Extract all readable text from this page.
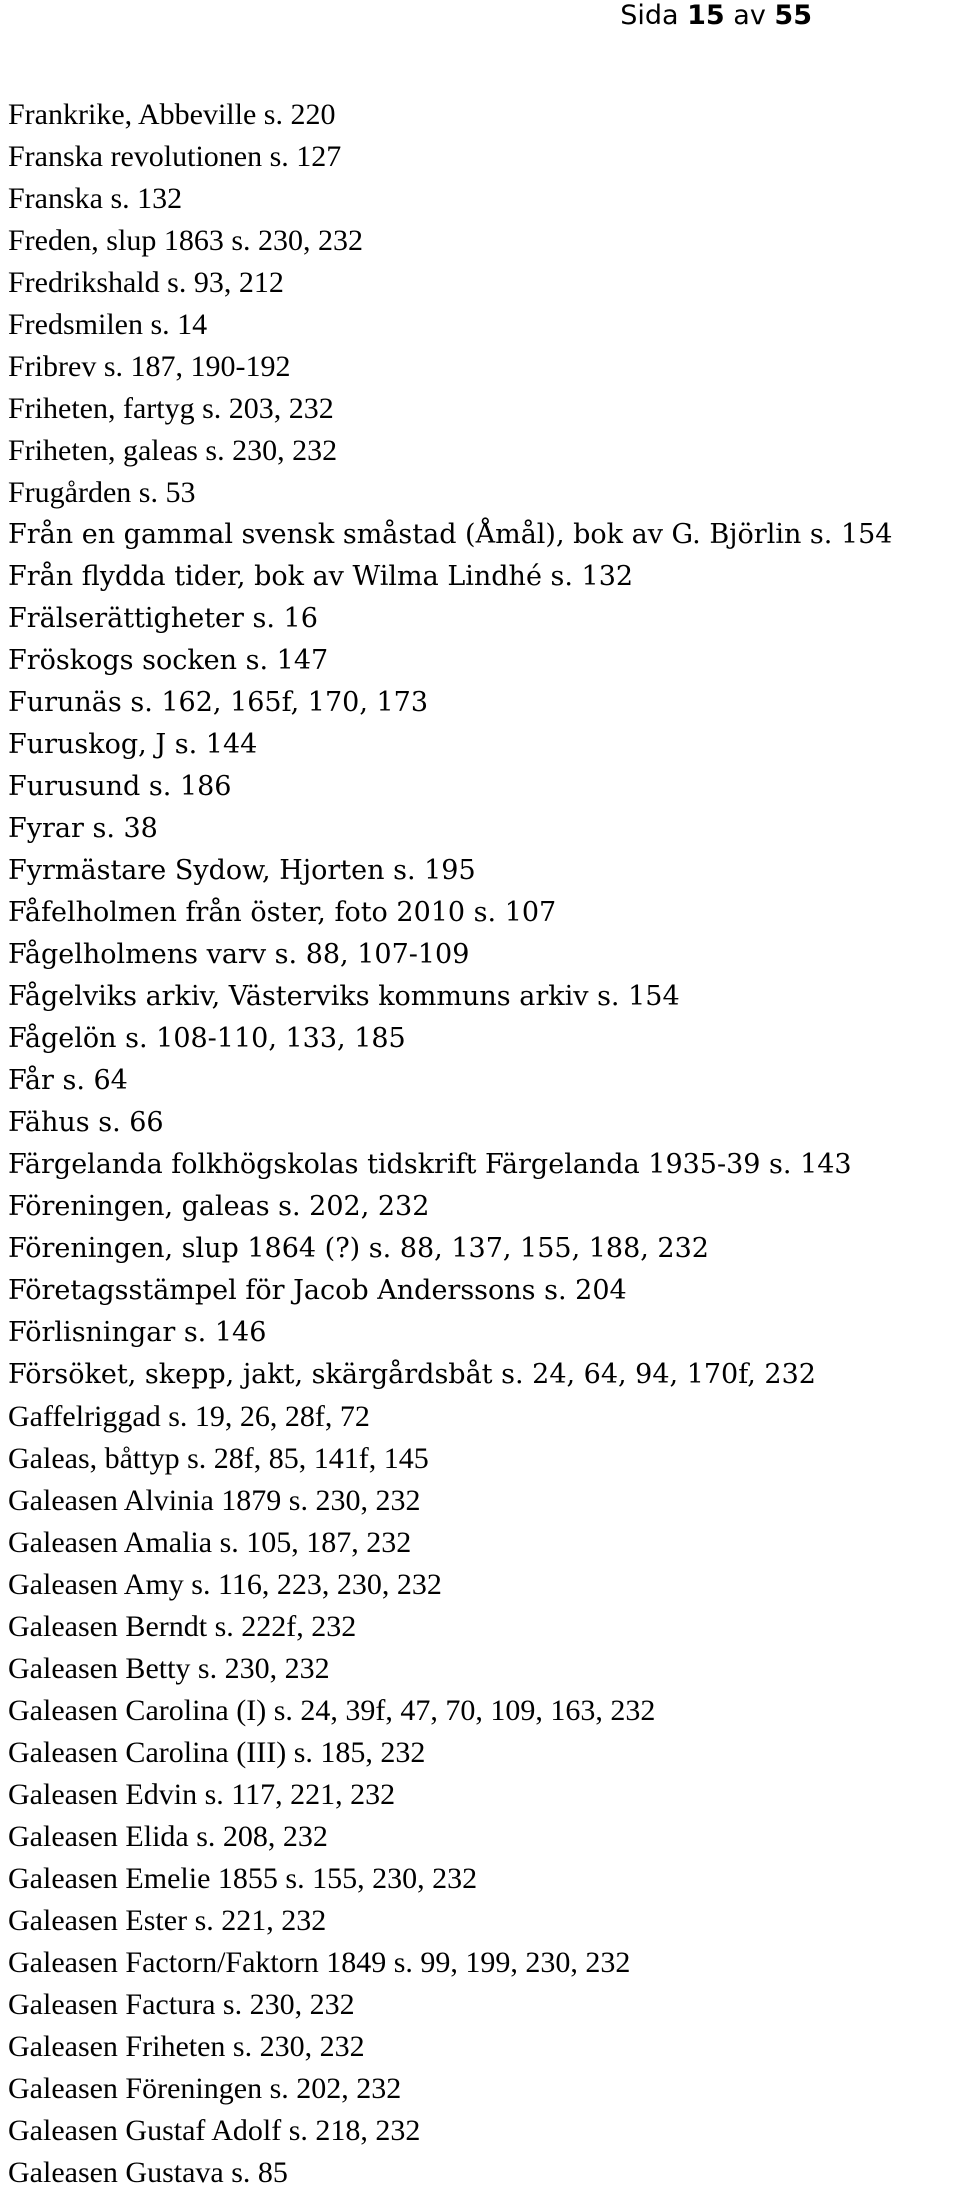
Sida 15 av 55
Frankrike, Abbeville s. 220
Franska revolutionen s. 127
Franska s. 132
Freden, slup 1863 s. 230, 232
Fredrikshald s. 93, 212
Fredsmilen s. 14
Fribrev s. 187, 190-192
Friheten, fartyg s. 203, 232
Friheten, galeas s. 230, 232
Frugården s. 53
Från en gammal svensk småstad (Åmål), bok av G. Björlin s. 154
Från flydda tider, bok av Wilma Lindhé s. 132
Frälserättigheter s. 16
Fröskogs socken s. 147
Furunäs s. 162, 165f, 170, 173
Furuskog, J s. 144
Furusund s. 186
Fyrar s. 38
Fyrmästare Sydow, Hjorten s. 195
Fåfelholmen från öster, foto 2010 s. 107
Fågelholmens varv s. 88, 107-109
Fågelviks arkiv, Västerviks kommuns arkiv s. 154
Fågelön s. 108-110, 133, 185
Får s. 64
Fähus s. 66
Färgelanda folkhögskolas tidskrift Färgelanda 1935-39 s. 143
Föreningen, galeas s. 202, 232
Föreningen, slup 1864 (?) s. 88, 137, 155, 188, 232
Företagsstämpel för Jacob Anderssons s. 204
Förlisningar s. 146
Försöket, skepp, jakt, skärgårdsbåt s. 24, 64, 94, 170f, 232
Gaffelriggad s. 19, 26, 28f, 72
Galeas, båttyp s. 28f, 85, 141f, 145
Galeasen Alvinia 1879 s. 230, 232
Galeasen Amalia s. 105, 187, 232
Galeasen Amy s. 116, 223, 230, 232
Galeasen Berndt s. 222f, 232
Galeasen Betty s. 230, 232
Galeasen Carolina (I) s. 24, 39f, 47, 70, 109, 163, 232
Galeasen Carolina (III) s. 185, 232
Galeasen Edvin s. 117, 221, 232
Galeasen Elida s. 208, 232
Galeasen Emelie 1855 s. 155, 230, 232
Galeasen Ester s. 221, 232
Galeasen Factorn/Faktorn 1849 s. 99, 199, 230, 232
Galeasen Factura s. 230, 232
Galeasen Friheten s. 230, 232
Galeasen Föreningen s. 202, 232
Galeasen Gustaf Adolf s. 218, 232
Galeasen Gustava s. 85
